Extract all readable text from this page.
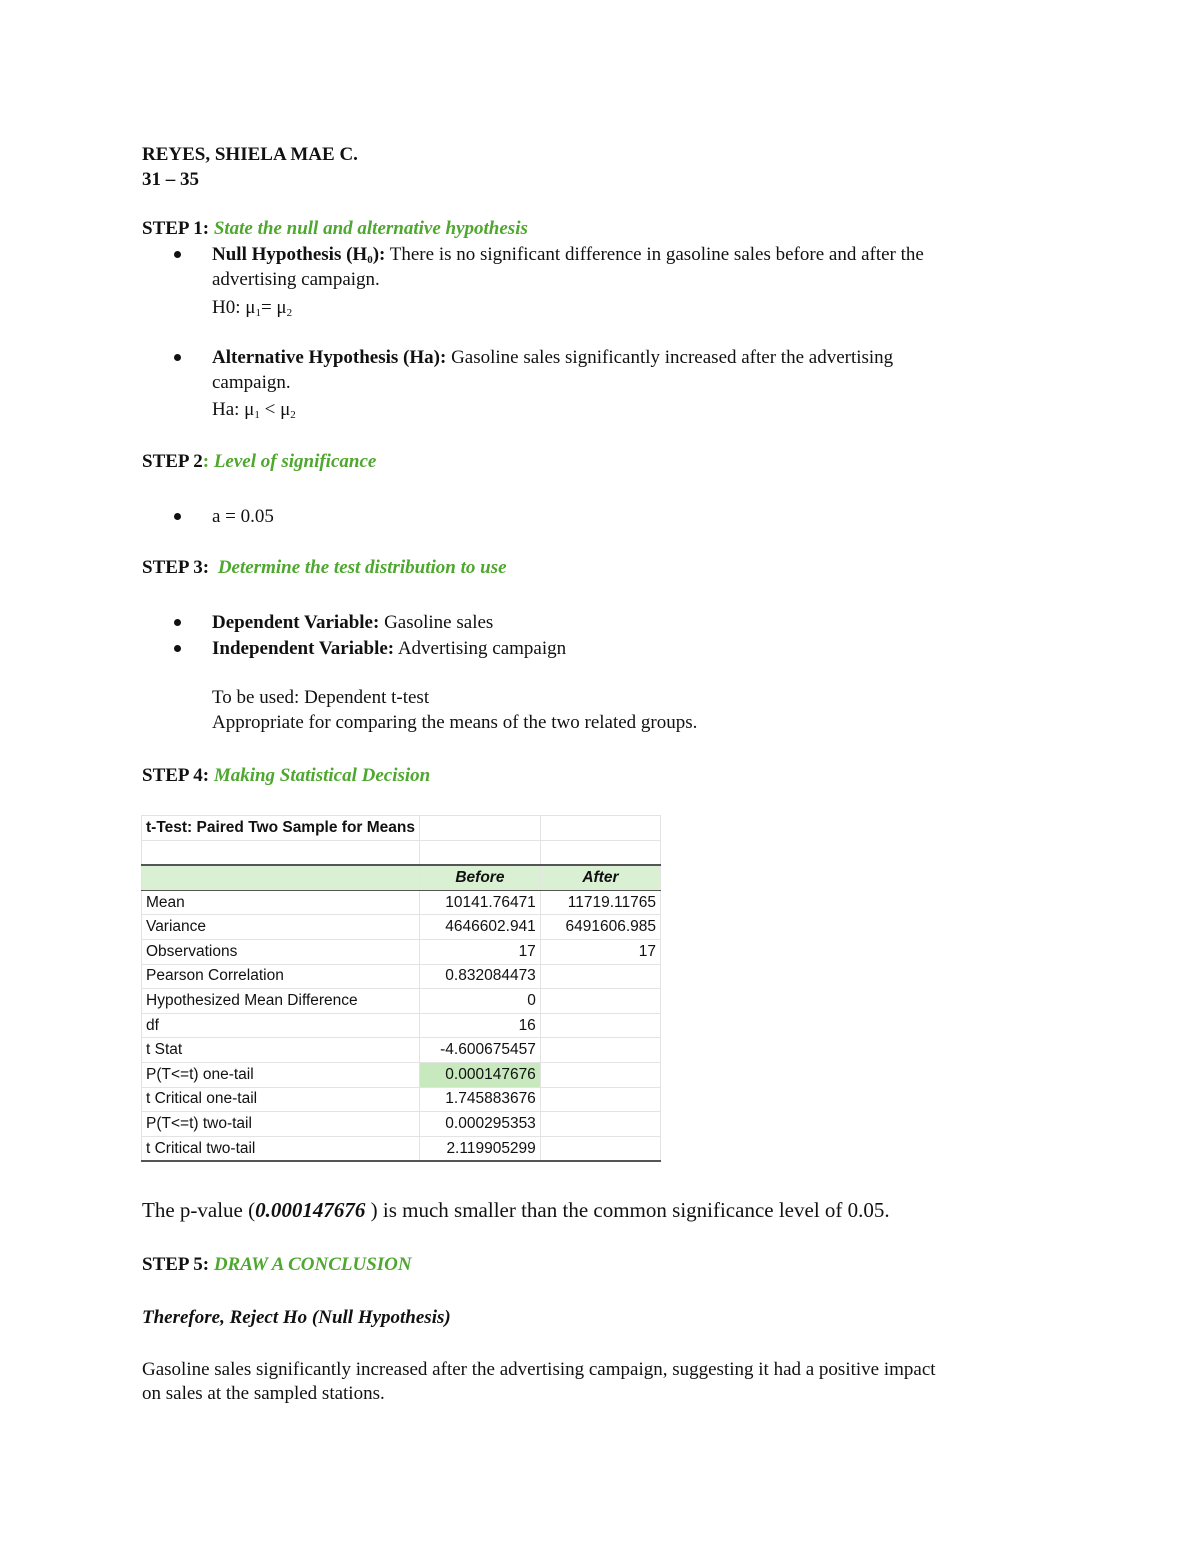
REYES, SHIELA MAE C.
31 – 35
STEP 1: State the null and alternative hypothesis
Null Hypothesis $(H_0)$: There is no significant difference in gasoline sales before and after the
advertising campaign.
H0: $\mu_1= \mu_2$
Alternative Hypothesis (Ha): Gasoline sales significantly increased after the advertising
campaign.
Ha: $\mu_1 < \mu_2$
STEP 2: Level of significance
a = 0.05
STEP 3: Determine the test distribution to use
Dependent Variable: Gasoline sales
Independent Variable: Advertising campaign
To be used: Dependent t-test
Appropriate for comparing the means of the two related groups.
STEP 4: Making Statistical Decision
t-Test: Paired Two Sample for Means		

	Before	After
Mean	10141.76471	11719.11765
Variance	4646602.941	6491606.985
Observations	17	17
Pearson Correlation	0.832084473	
Hypothesized Mean Difference	0	
df	16	
t Stat	-4.600675457	
P(T<=t) one-tail	0.000147676	
t Critical one-tail	1.745883676	
P(T<=t) two-tail	0.000295353	
t Critical two-tail	2.119905299	
The p-value (0.000147676 ) is much smaller than the common significance level of 0.05.
STEP 5: DRAW A CONCLUSION
Therefore, Reject Ho (Null Hypothesis)
Gasoline sales significantly increased after the advertising campaign, suggesting it had a positive impact
on sales at the sampled stations.
